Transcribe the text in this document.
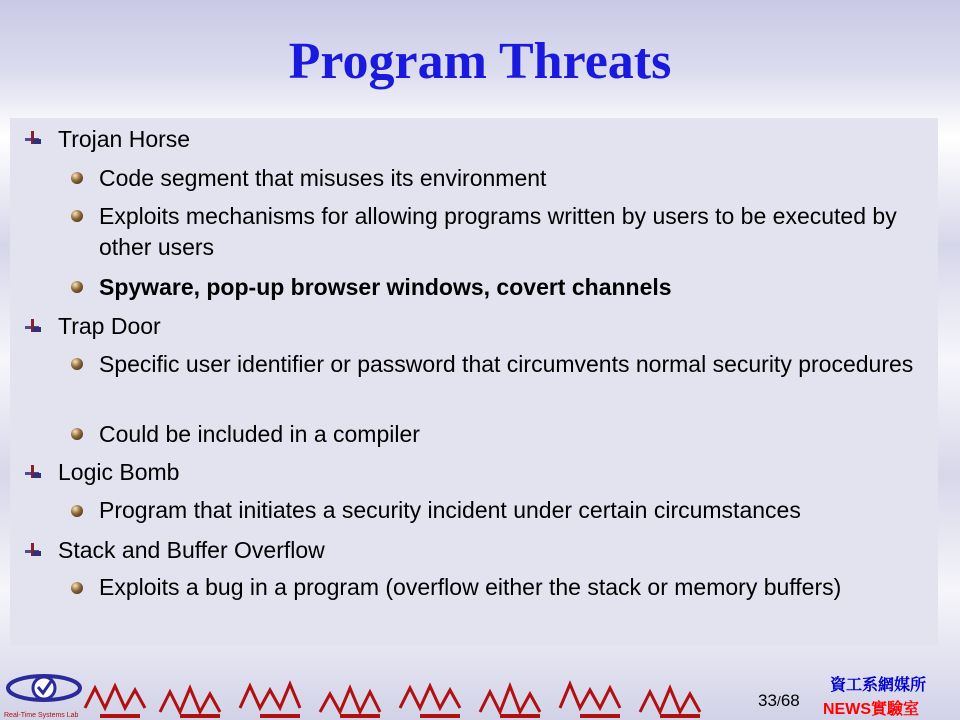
Program Threats
Trojan Horse
Code segment that misuses its environment
Exploits mechanisms for allowing programs written by users to be executed by other users
Spyware, pop-up browser windows, covert channels
Trap Door
Specific user identifier or password that circumvents normal security procedures
Could be included in a compiler
Logic Bomb
Program that initiates a security incident under certain circumstances
Stack and Buffer Overflow
Exploits a bug in a program (overflow either the stack or memory buffers)
Real-Time Systems Lab
33/68
資工系網媒所
NEWS實驗室
